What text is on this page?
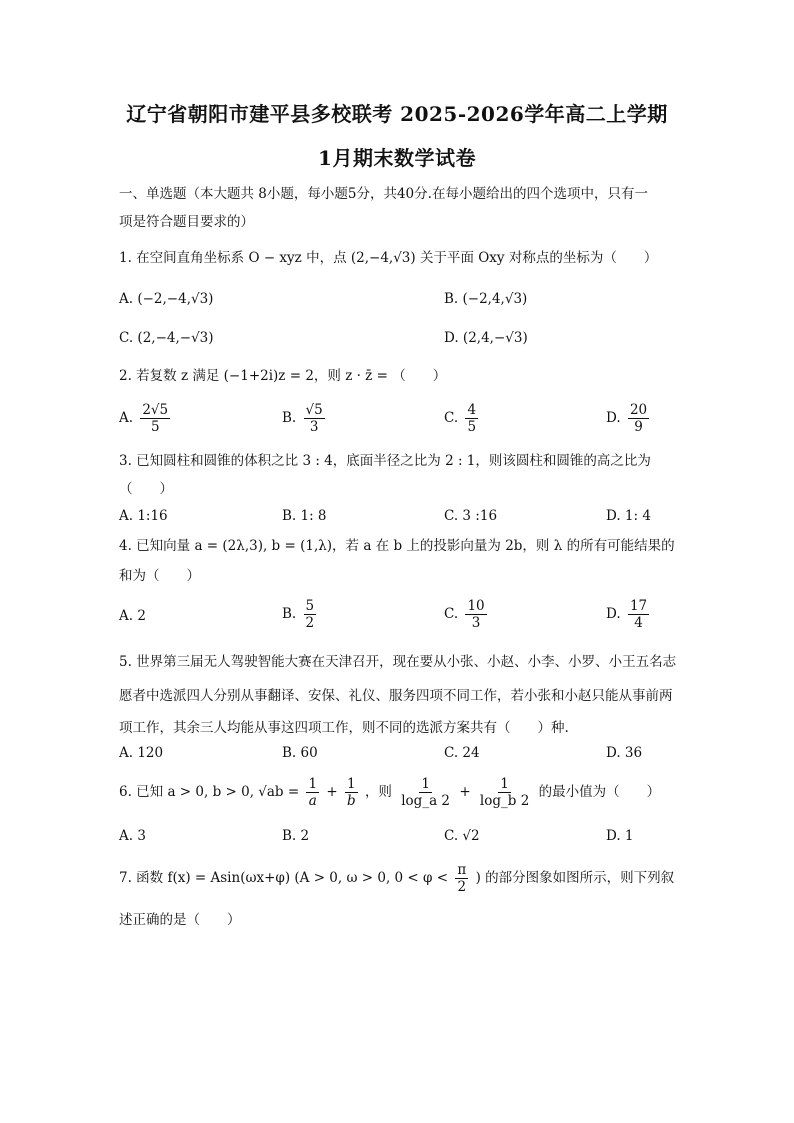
辽宁省朝阳市建平县多校联考 2025-2026学年高二上学期
1月期末数学试卷
一、单选题（本大题共 8小题，每小题5分，共40分.在每小题给出的四个选项中，只有一
项是符合题目要求的）
1. 在空间直角坐标系 O − xyz 中，点 (2,−4,√3) 关于平面 Oxy 对称点的坐标为（　　）
A. (−2,−4,√3)	B. (−2,4,√3)
C. (2,−4,−√3)	D. (2,4,−√3)
2. 若复数 z 满足 (−1+2i)z = 2，则 z · z̄ = （　　）
A. $\frac{2√5}{5}$	B. $\frac{√5}{3}$	C. $\frac{4}{5}$	D. $\frac{20}{9}$
3. 已知圆柱和圆锥的体积之比 3 : 4，底面半径之比为 2 : 1，则该圆柱和圆锥的高之比为
（　　）
A. 1:16	B. 1: 8	C. 3 :16	D. 1: 4
4. 已知向量 a = (2λ,3), b = (1,λ)，若 a 在 b 上的投影向量为 2b，则 λ 的所有可能结果的
和为（　　）
A. 2	B. $\frac{5}{2}$	C. $\frac{10}{3}$	D. $\frac{17}{4}$
5. 世界第三届无人驾驶智能大赛在天津召开，现在要从小张、小赵、小李、小罗、小王五名志
愿者中选派四人分别从事翻译、安保、礼仪、服务四项不同工作，若小张和小赵只能从事前两
项工作，其余三人均能从事这四项工作，则不同的选派方案共有（　　）种.
A. 120	B. 60	C. 24	D. 36
6. 已知 a > 0, b > 0, $√ab = \frac{1}{a} + \frac{1}{b}$ ，则 $\frac{1}{\log\_a 2} + \frac{1}{\log\_b 2}$ 的最小值为（　　）
A. 3	B. 2	C. √2	D. 1
7. 函数 f(x) = Asin(ωx+φ) (A > 0, ω > 0, $0 < \varphi < \frac{\pi}{2}$ ) 的部分图象如图所示，则下列叙
述正确的是（　　）
